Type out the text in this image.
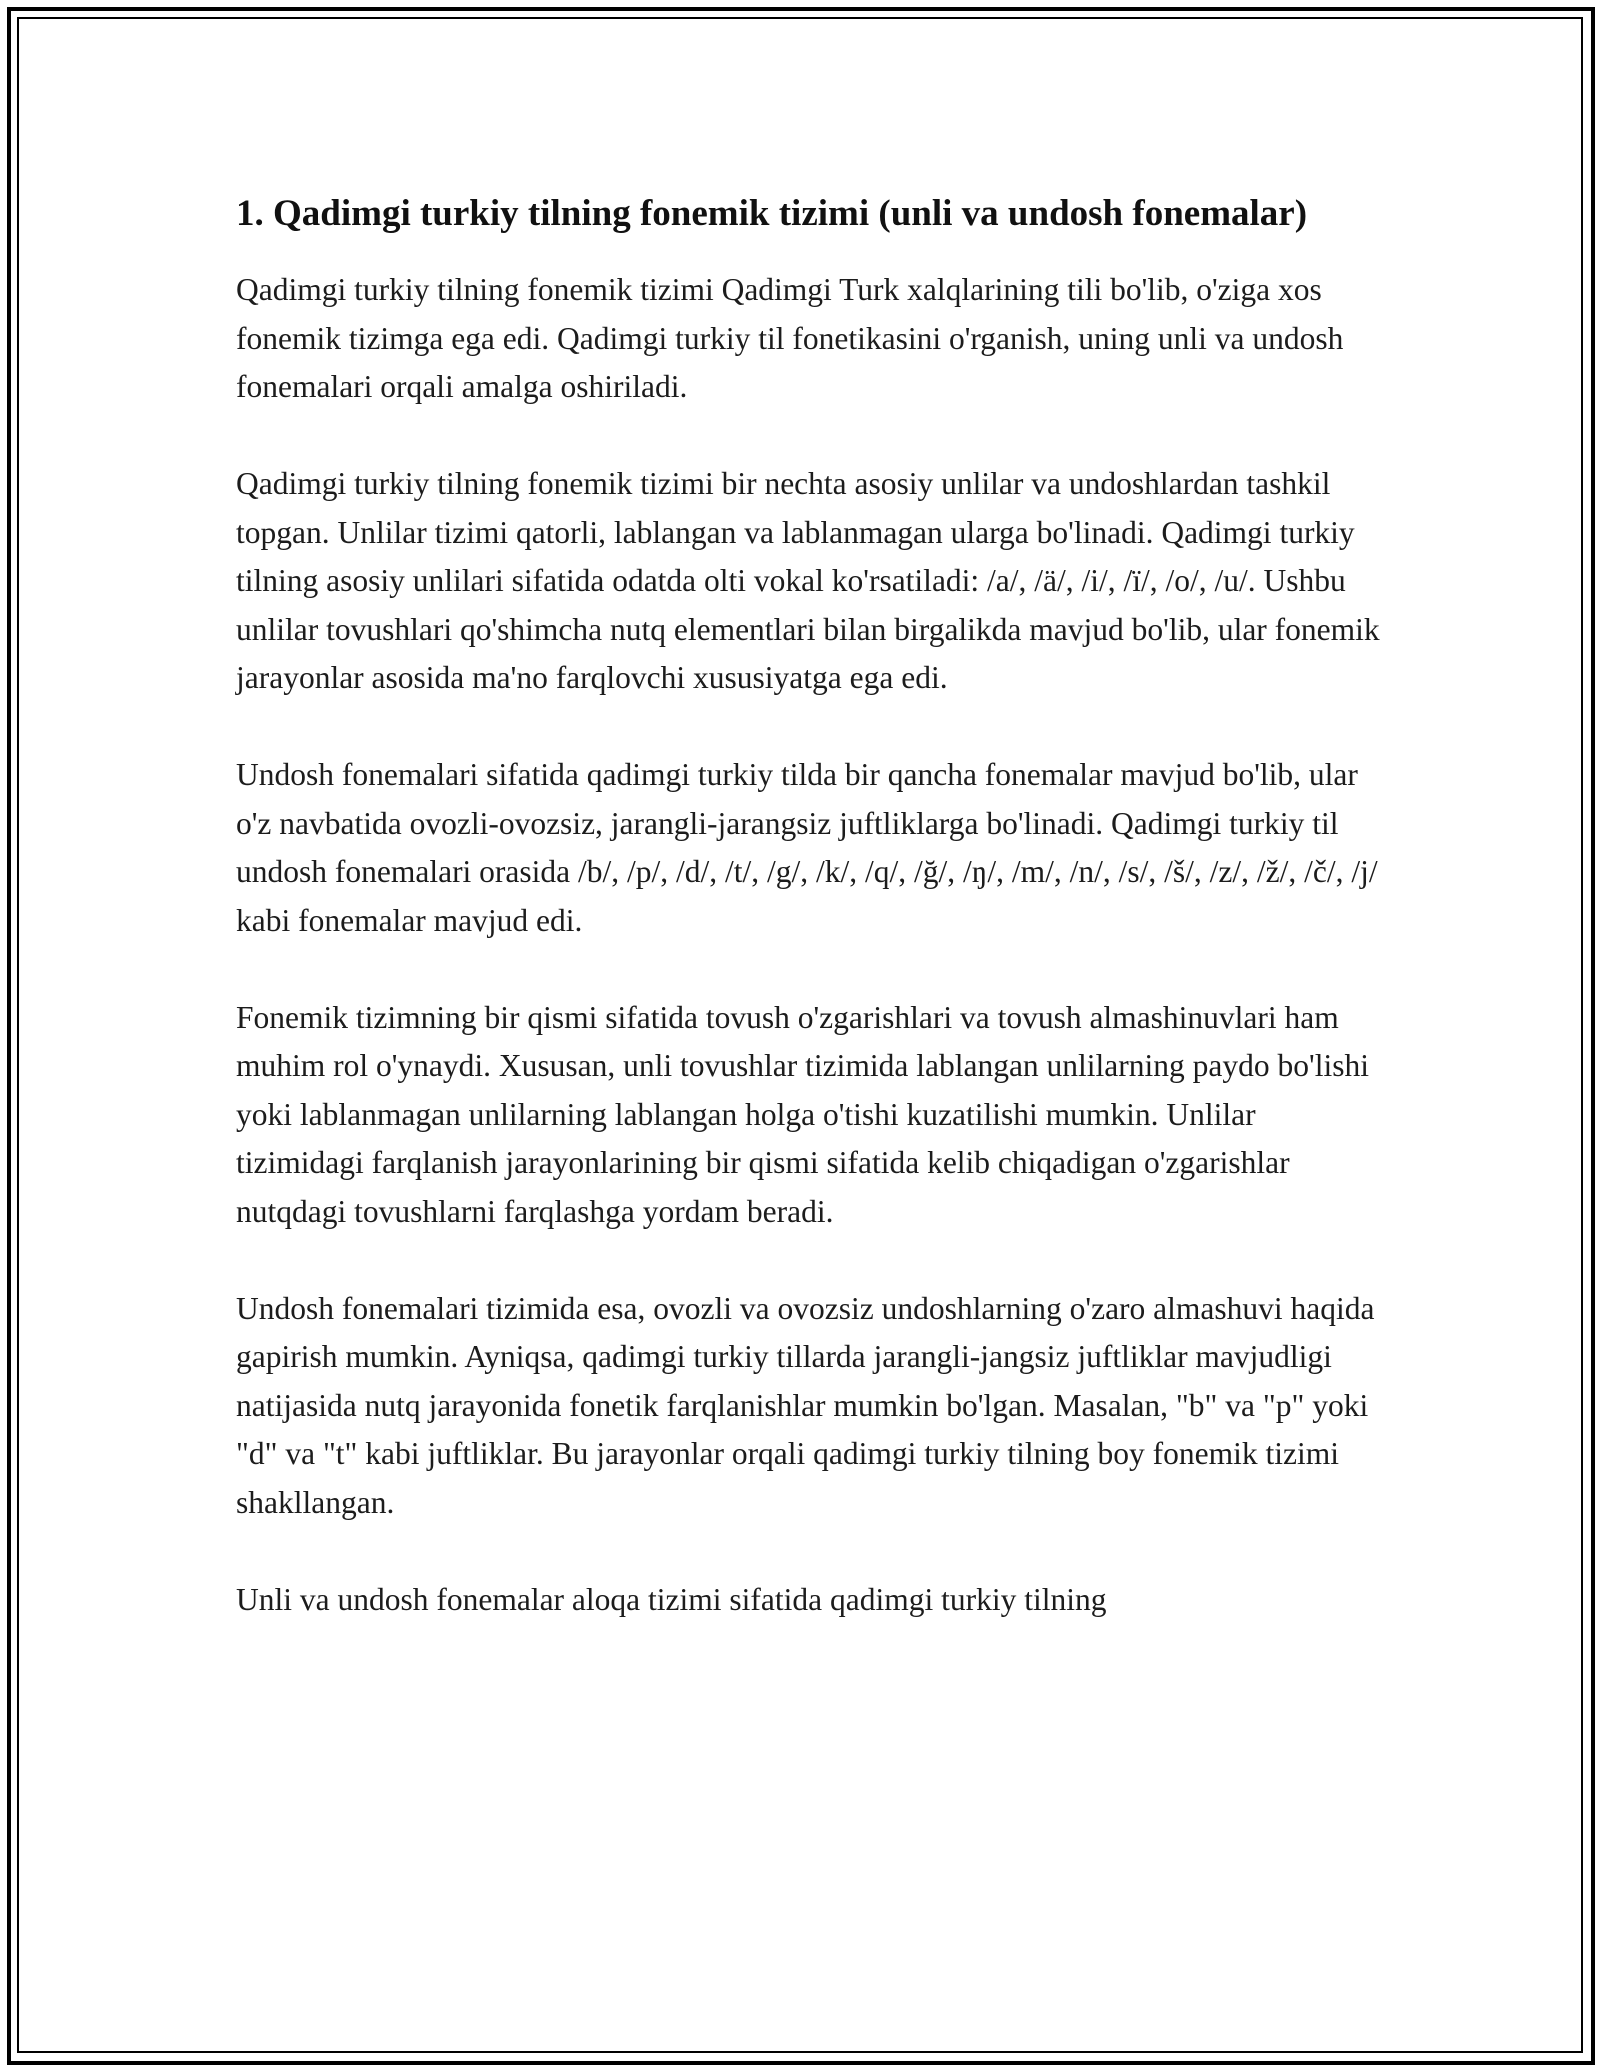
1. Qadimgi turkiy tilning fonemik tizimi (unli va undosh fonemalar)

Qadimgi turkiy tilning fonemik tizimi Qadimgi Turk xalqlarining tili bo'lib, o'ziga xos fonemik tizimga ega edi. Qadimgi turkiy til fonetikasini o'rganish, uning unli va undosh fonemalari orqali amalga oshiriladi.

Qadimgi turkiy tilning fonemik tizimi bir nechta asosiy unlilar va undoshlardan tashkil topgan. Unlilar tizimi qatorli, lablangan va lablanmagan ularga bo'linadi. Qadimgi turkiy tilning asosiy unlilari sifatida odatda olti vokal ko'rsatiladi: /a/, /ä/, /i/, /ï/, /o/, /u/. Ushbu unlilar tovushlari qo'shimcha nutq elementlari bilan birgalikda mavjud bo'lib, ular fonemik jarayonlar asosida ma'no farqlovchi xususiyatga ega edi.

Undosh fonemalari sifatida qadimgi turkiy tilda bir qancha fonemalar mavjud bo'lib, ular o'z navbatida ovozli-ovozsiz, jarangli-jarangsiz juftliklarga bo'linadi. Qadimgi turkiy til undosh fonemalari orasida /b/, /p/, /d/, /t/, /g/, /k/, /q/, /ğ/, /ŋ/, /m/, /n/, /s/, /š/, /z/, /ž/, /č/, /j/ kabi fonemalar mavjud edi.

Fonemik tizimning bir qismi sifatida tovush o'zgarishlari va tovush almashinuvlari ham muhim rol o'ynaydi. Xususan, unli tovushlar tizimida lablangan unlilarning paydo bo'lishi yoki lablanmagan unlilarning lablangan holga o'tishi kuzatilishi mumkin. Unlilar tizimidagi farqlanish jarayonlarining bir qismi sifatida kelib chiqadigan o'zgarishlar nutqdagi tovushlarni farqlashga yordam beradi.

Undosh fonemalari tizimida esa, ovozli va ovozsiz undoshlarning o'zaro almashuvi haqida gapirish mumkin. Ayniqsa, qadimgi turkiy tillarda jarangli-jangsiz juftliklar mavjudligi natijasida nutq jarayonida fonetik farqlanishlar mumkin bo'lgan. Masalan, "b" va "p" yoki "d" va "t" kabi juftliklar. Bu jarayonlar orqali qadimgi turkiy tilning boy fonemik tizimi shakllangan.

Unli va undosh fonemalar aloqa tizimi sifatida qadimgi turkiy tilning
